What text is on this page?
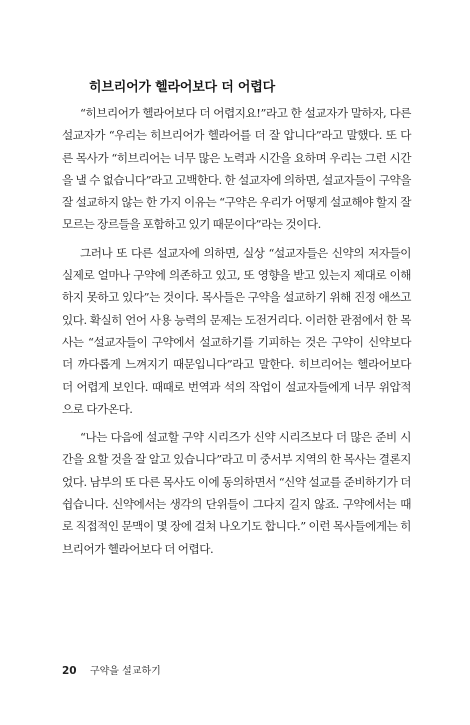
히브리어가 헬라어보다 더 어렵다

“히브리어가 헬라어보다 더 어렵지요!”라고 한 설교자가 말하자, 다른 설교자가 “우리는 히브리어가 헬라어를 더 잘 압니다”라고 말했다. 또 다른 목사가 “히브리어는 너무 많은 노력과 시간을 요하며 우리는 그런 시간을 낼 수 없습니다”라고 고백한다. 한 설교자에 의하면, 설교자들이 구약을 잘 설교하지 않는 한 가지 이유는 “구약은 우리가 어떻게 설교해야 할지 잘 모르는 장르들을 포함하고 있기 때문이다”라는 것이다.

그러나 또 다른 설교자에 의하면, 실상 “설교자들은 신약의 저자들이 실제로 얼마나 구약에 의존하고 있고, 또 영향을 받고 있는지 제대로 이해하지 못하고 있다”는 것이다. 목사들은 구약을 설교하기 위해 진정 애쓰고 있다. 확실히 언어 사용 능력의 문제는 도전거리다. 이러한 관점에서 한 목사는 “설교자들이 구약에서 설교하기를 기피하는 것은 구약이 신약보다 더 까다롭게 느껴지기 때문입니다”라고 말한다. 히브리어는 헬라어보다 더 어렵게 보인다. 때때로 번역과 석의 작업이 설교자들에게 너무 위압적으로 다가온다.

“나는 다음에 설교할 구약 시리즈가 신약 시리즈보다 더 많은 준비 시간을 요할 것을 잘 알고 있습니다”라고 미 중서부 지역의 한 목사는 결론지었다. 남부의 또 다른 목사도 이에 동의하면서 “신약 설교를 준비하기가 더 쉽습니다. 신약에서는 생각의 단위들이 그다지 길지 않죠. 구약에서는 때로 직접적인 문맥이 몇 장에 걸쳐 나오기도 합니다.” 이런 목사들에게는 히브리어가 헬라어보다 더 어렵다.

20 구약을 설교하기
